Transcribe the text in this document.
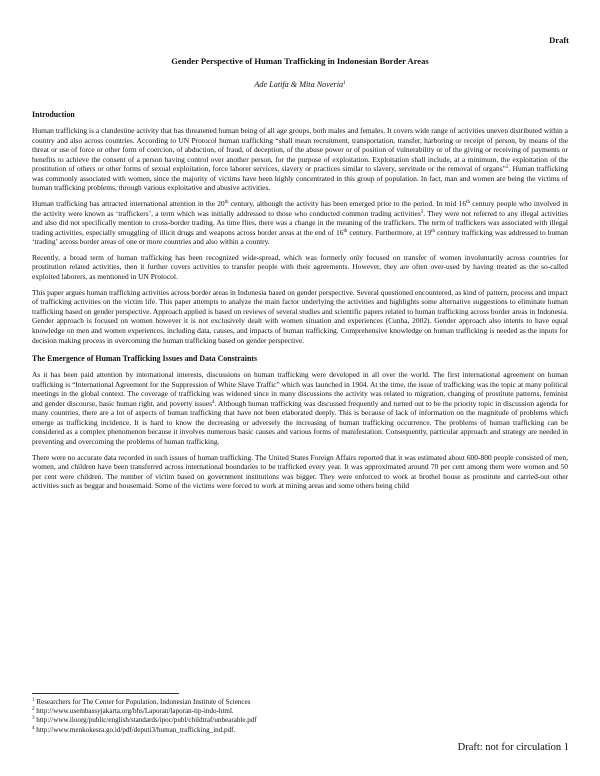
Draft
Gender Perspective of Human Trafficking in Indonesian Border Areas
Ade Latifa & Mita Noveria$^1$
Introduction

Human trafficking is a clandestine activity that has threatened human being of all age groups, both males and females. It covers wide range of activities uneven distributed within a country and also across countries. According to UN Protocol human trafficking “shall mean recruitment, transportation, transfer, harboring or receipt of person, by means of the threat or use of force or other form of coercion, of abduction, of fraud, of deception, of the abuse power or of position of vulnerability or of the giving or receiving of payments or benefits to achieve the consent of a person having control over another person, for the purpose of exploitation. Exploitation shall include, at a minimum, the exploitation of the prostitution of others or other forms of sexual exploitation, force laborer services, slavery or practices similar to slavery, servitude or the removal of organs”$^2$. Human trafficking was commonly associated with women, since the majority of victims have been highly concentrated in this group of population. In fact, man and women are being the victims of human trafficking problems, through various exploitative and abusive activities.

Human trafficking has attracted international attention in the 20th century, although the activity has been emerged prior to the period. In mid 16th century people who involved in the activity were known as ‘traffickers’, a term which was initially addressed to those who conducted common trading activities$^3$. They were not referred to any illegal activities and also did not specifically mention to cross-border trading. As time flies, there was a change in the meaning of the traffickers. The term of traffickers was associated with illegal trading activities, especially smuggling of illicit drugs and weapons across border areas at the end of 16th century. Furthermore, at 19th century trafficking was addressed to human ‘trading’ across border areas of one or more countries and also within a country.

Recently, a broad term of human trafficking has been recognized wide-spread, which was formerly only focused on transfer of women involuntarily across countries for prostitution related activities, then it further covers activities to transfer people with their agreements. However, they are often over-used by having treated as the so-called exploited laborers, as mentioned in UN Protocol.

This paper argues human trafficking activities across border areas in Indonesia based on gender perspective. Several questioned encountered, as kind of pattern, process and impact of trafficking activities on the victim life. This paper attempts to analyze the main factor underlying the activities and highlights some alternative suggestions to eliminate human trafficking based on gender perspective. Approach applied is based on reviews of several studies and scientific papers related to human trafficking across border areas in Indonesia. Gender approach is focused on women however it is not exclusively dealt with women situation and experiences (Cunha, 2002). Gender approach also intents to have equal knowledge on men and women experiences, including data, causes, and impacts of human trafficking. Comprehensive knowledge on human trafficking is needed as the inputs for decision making process in overcoming the human trafficking based on gender perspective.

The Emergence of Human Trafficking Issues and Data Constraints

As it has been paid attention by international interests, discussions on human trafficking were developed in all over the world. The first international agreement on human trafficking is “International Agreement for the Suppression of White Slave Traffic” which was launched in 1904. At the time, the issue of trafficking was the topic at many political meetings in the global context. The coverage of trafficking was widened since in many discussions the activity was related to migration, changing of prostitute patterns, feminist and gender discourse, basic human right, and poverty issues$^4$. Although human trafficking was discussed frequently and turned out to be the priority topic in discussion agenda for many countries, there are a lot of aspects of human trafficking that have not been elaborated deeply. This is because of lack of information on the magnitude of problems which emerge as trafficking incidence. It is hard to know the decreasing or adversely the increasing of human trafficking occurrence. The problems of human trafficking can be considered as a complex phenomenon because it involves numerous basic causes and various forms of manifestation. Consequently, particular approach and strategy are needed in preventing and overcoming the problems of human trafficking.

There were no accurate data recorded in such issues of human trafficking. The United States Foreign Affairs reported that it was estimated about 600-800 people consisted of men, women, and children have been transferred across international boundaries to be trafficked every year. It was approximated around 70 per cent among them were women and 50 per cent were children. The number of victim based on government institutions was bigger. They were enforced to work at brothel house as prostitute and carried-out other activities such as beggar and housemaid. Some of the victims were forced to work at mining areas and some others being child

$^1$ Researchers for The Center for Population, Indonesian Institute of Sciences
$^2$ http://www.usembassyjakarta.org/bhs/Laporan/laporan-tip-indo-html.
$^3$ http://www.iloorg/public/english/standards/ipoc/publ/childtraf/unbearable.pdf
$^4$ http://www.menkokesra.go.id/pdf/deputi3/human_trafficking_ind.pdf.
Draft: not for circulation 1
